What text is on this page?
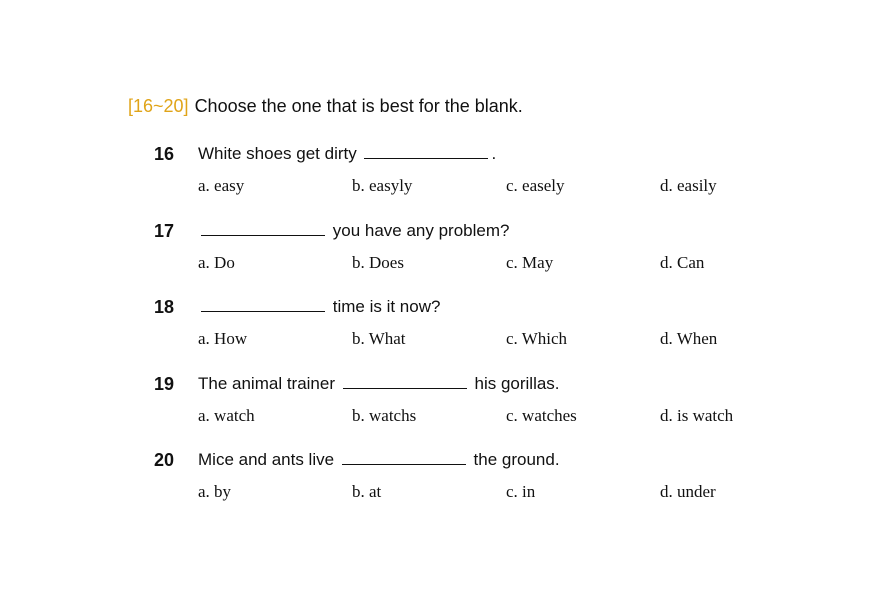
[16~20] Choose the one that is best for the blank.
16 White shoes get dirty	.
a. easy	b. easyly	c. easely	d. easily
17	you have any problem?
a. Do	b. Does	c. May	d. Can
18	time is it now?
a. How	b. What	c. Which	d. When
19 The animal trainer	his gorillas.
a. watch	b. watchs	c. watches	d. is watch
20 Mice and ants live	the ground.
a. by	b. at	c. in	d. under
